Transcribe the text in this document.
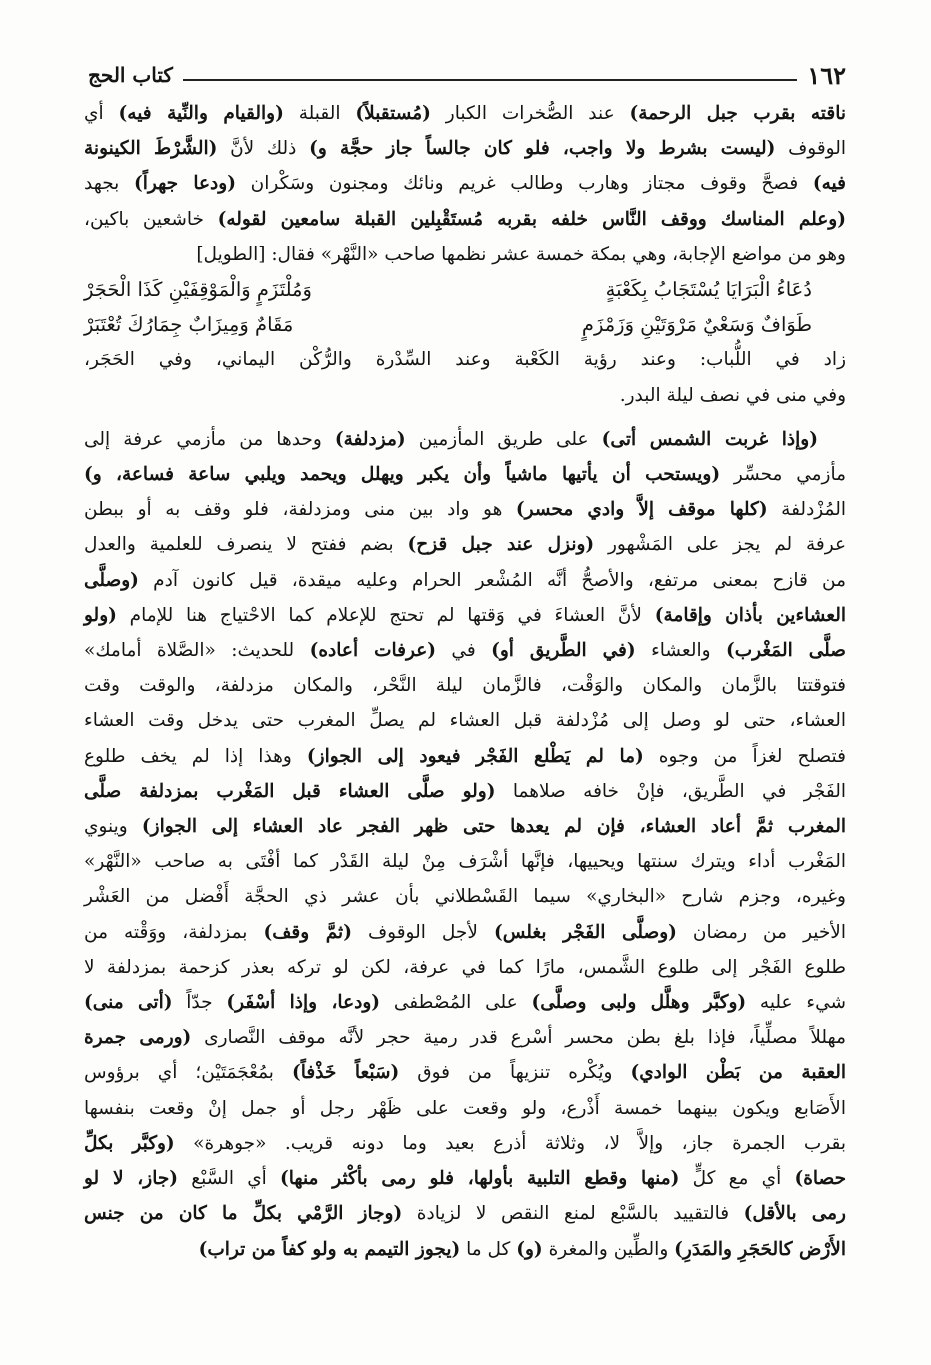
١٦٢
كتاب الحج

ناقته بقرب جبل الرحمة) عند الصُّخرات الكبار (مُستقبلاً) القبلة (والقيام والنِّية فيه) أي

الوقوف (ليست بشرط ولا واجب، فلو كان جالساً جاز حجَّة و) ذلك لأنَّ (الشَّرْطَ الكينونة

فيه) فصحَّ وقوف مجتاز وهارب وطالب غريم ونائك ومجنون وسَكْران (ودعا جهراً) بجهد

(وعلم المناسك ووقف النَّاس خلفه بقربه مُستَقْبِلين القبلة سامعين لقوله) خاشعين باكين،

وهو من مواضع الإجابة، وهي بمكة خمسة عشر نظمها صاحب «النَّهْر» فقال: [الطويل]

دُعَاءُ الْبَرَايَا يُسْتَجَابُ بِكَعْبَةٍ
وَمُلْتَزَمٍ وَالْمَوْقِفَيْنِ كَذَا الْحَجَرْ
طَوَافٌ وَسَعْيٌ مَرْوَتَيْنِ وَزَمْزَمٍ
مَقَامٌ وَمِيزَابٌ جِمَارُكَ تُعْتَبَرْ

زاد في اللُّباب: وعند رؤية الكَعْبة وعند السِّدْرة والرُّكْن اليماني، وفي الحَجَر،

وفي منى في نصف ليلة البدر.

(وإذا غربت الشمس أتى) على طريق المأزمين (مزدلفة) وحدها من مأزمي عرفة إلى

مأزمي محسِّر (ويستحب أن يأتيها ماشياً وأن يكبر ويهلل ويحمد ويلبي ساعة فساعة، و)

المُزْدلفة (كلها موقف إلاَّ وادي محسر) هو واد بين منى ومزدلفة، فلو وقف به أو ببطن

عرفة لم يجز على المَشْهور (ونزل عند جبل قزح) بضم ففتح لا ينصرف للعلمية والعدل

من قازح بمعنى مرتفع، والأصحُّ أنَّه المُشْعر الحرام وعليه ميقدة، قيل كانون آدم (وصلَّى

العشاءين بأذان وإقامة) لأنَّ العشاءَ في وَقتها لم تحتج للإعلام كما الاحْتياج هنا للإمام (ولو

صلَّى المَغْرب) والعشاء (في الطَّريق أو) في (عرفات أعاده) للحديث: «الصَّلاة أمامك»

فتوقتتا بالزَّمان والمكان والوَقْت، فالزَّمان ليلة النَّحْر، والمكان مزدلفة، والوقت وقت

العشاء، حتى لو وصل إلى مُزْدلفة قبل العشاء لم يصلِّ المغرب حتى يدخل وقت العشاء

فتصلح لغزاً من وجوه (ما لم يَطْلع الفَجْر فيعود إلى الجواز) وهذا إذا لم يخف طلوع

الفَجْر في الطَّريق، فإنْ خافه صلاهما (ولو صلَّى العشاء قبل المَغْرب بمزدلفة صلَّى

المغرب ثمَّ أعاد العشاء، فإن لم يعدها حتى ظهر الفجر عاد العشاء إلى الجواز) وينوي

المَغْرب أداء ويترك سنتها ويحييها، فإنَّها أشْرَف مِنْ ليلة القَدْر كما أفْتَى به صاحب «النَّهْر»

وغيره، وجزم شارح «البخاري» سيما القَسْطلاني بأن عشر ذي الحجَّة أَفْضل من العَشْر

الأخير من رمضان (وصلَّى الفَجْر بغلس) لأجل الوقوف (ثمَّ وقف) بمزدلفة، ووَقْته من

طلوع الفَجْر إلى طلوع الشَّمس، مارًا كما في عرفة، لكن لو تركه بعذر كزحمة بمزدلفة لا

شيء عليه (وكبَّر وهلَّل ولبى وصلَّى) على المُصْطفى (ودعا، وإذا أسْفَر) جدّاً (أتى منى)

مهللاً مصلِّياً، فإذا بلغ بطن محسر أسْرع قدر رمية حجر لأنَّه موقف النَّصارى (ورمى جمرة

العقبة من بَطْن الوادي) ويُكْره تنزيهاً من فوق (سَبْعاً خَذْفاً) بمُعْجَمَتَيْن؛ أي برؤوس

الأَصَابع ويكون بينهما خمسة أَذْرع، ولو وقعت على ظَهْر رجل أو جمل إنْ وقعت بنفسها

بقرب الجمرة جاز، وإلاَّ لا، وثلاثة أذرع بعيد وما دونه قريب. «جوهرة» (وكبَّر بكلِّ

حصاة) أي مع كلٍّ (منها وقطع التلبية بأولها، فلو رمى بأكْثر منها) أي السَّبْع (جاز، لا لو

رمى بالأقل) فالتقييد بالسَّبْع لمنع النقص لا لزيادة (وجاز الرَّمْي بكلِّ ما كان من جنس

الأَرْض كالحَجَرِ والمَدَرِ) والطِّين والمغرة (و) كل ما (يجوز التيمم به ولو كفاً من تراب)
